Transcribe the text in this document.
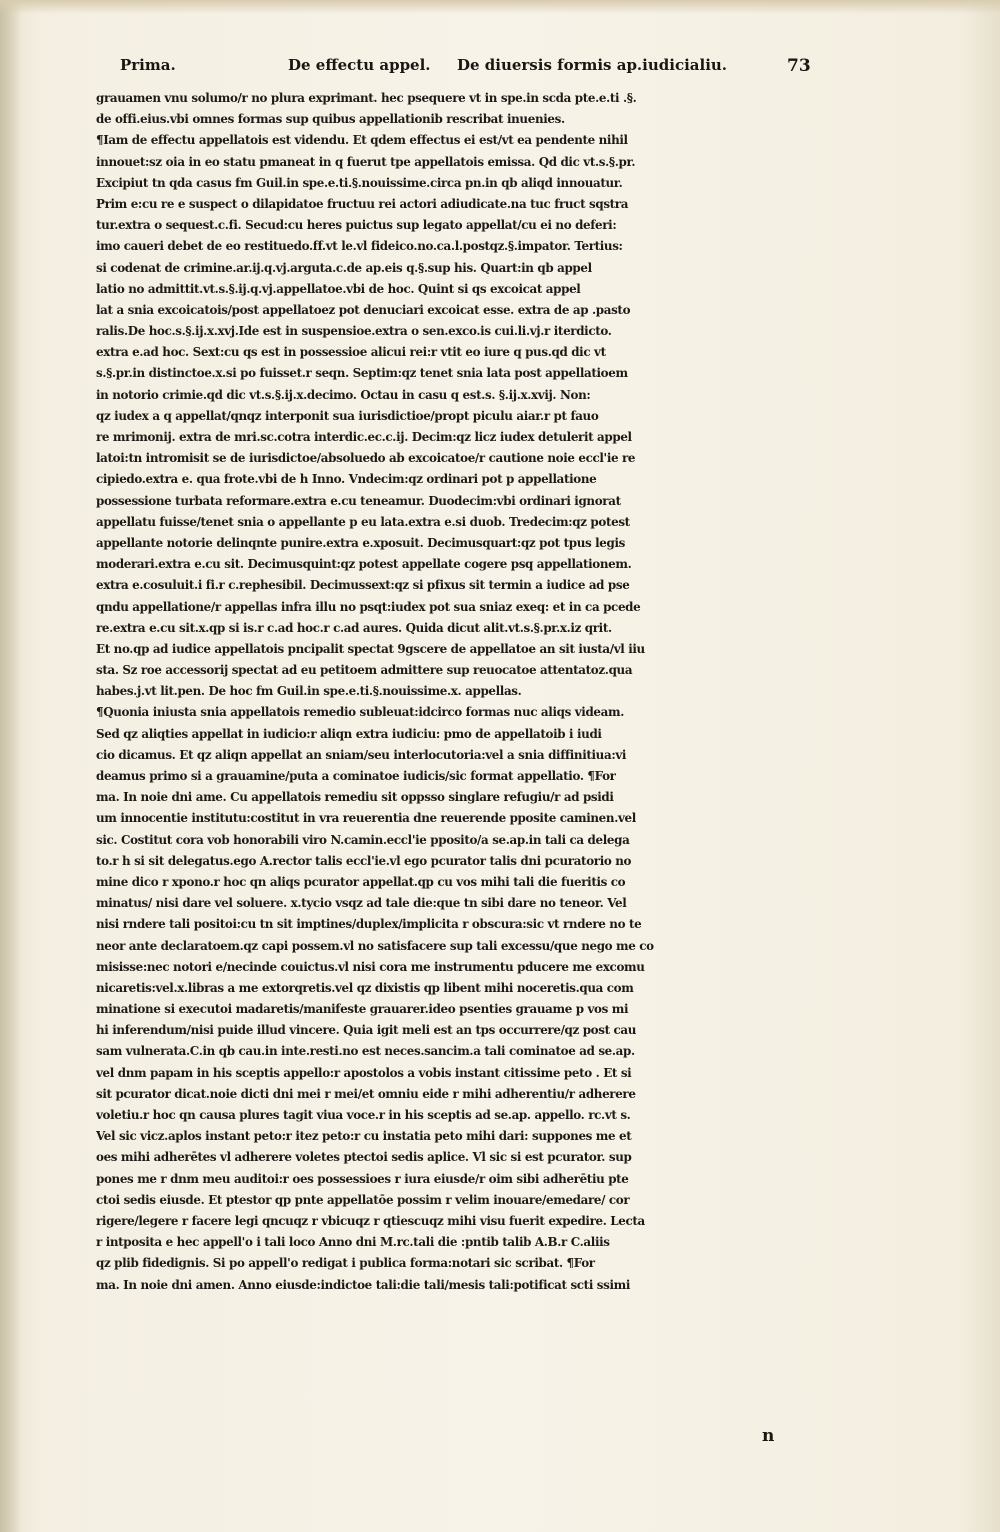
Prima.	De effectu appel. De diuersis formis ap.iudicialiu.	73
grauamen vnu solumo/r no plura exprimant. hec psequere vt in spe.in scda pte.e.ti .§.
de offi.eius.vbi omnes formas sup quibus appellationib rescribat inuenies.
¶Iam de effectu appellatois est videndu. Et qdem effectus ei est/vt ea pendente nihil
innouet:sz oia in eo statu pmaneat in q fuerut tpe appellatois emissa. Qd dic vt.s.§.pr.
Excipiut tn qda casus fm Guil.in spe.e.ti.§.nouissime.circa pn.in qb aliqd innouatur.
Prim e:cu re e suspect o dilapidatoe fructuu rei actori adiudicate.na tuc fruct sqstra
tur.extra o sequest.c.fi. Secud:cu heres puictus sup legato appellat/cu ei no deferi:
imo caueri debet de eo restituedo.ff.vt le.vl fideico.no.ca.l.postqz.§.impator. Tertius:
si codenat de crimine.ar.ij.q.vj.arguta.c.de ap.eis q.§.sup his. Quart:in qb appel
latio no admittit.vt.s.§.ij.q.vj.appellatoe.vbi de hoc. Quint si qs excoicat appel
lat a snia excoicatois/post appellatoez pot denuciari excoicat esse. extra de ap .pasto
ralis.De hoc.s.§.ij.x.xvj.Ide est in suspensioe.extra o sen.exco.is cui.li.vj.r iterdicto.
extra e.ad hoc. Sext:cu qs est in possessioe alicui rei:r vtit eo iure q pus.qd dic vt
s.§.pr.in distinctoe.x.si po fuisset.r seqn. Septim:qz tenet snia lata post appellatioem
in notorio crimie.qd dic vt.s.§.ij.x.decimo. Octau in casu q est.s. §.ij.x.xvij. Non:
qz iudex a q appellat/qnqz interponit sua iurisdictioe/propt piculu aiar.r pt fauo
re mrimonij. extra de mri.sc.cotra interdic.ec.c.ij. Decim:qz licz iudex detulerit appel
latoi:tn intromisit se de iurisdictoe/absoluedo ab excoicatoe/r cautione noie eccl'ie re
cipiedo.extra e. qua frote.vbi de h Inno. Vndecim:qz ordinari pot p appellatione
possessione turbata reformare.extra e.cu teneamur. Duodecim:vbi ordinari ignorat
appellatu fuisse/tenet snia o appellante p eu lata.extra e.si duob. Tredecim:qz potest
appellante notorie delinqnte punire.extra e.xposuit. Decimusquart:qz pot tpus legis
moderari.extra e.cu sit. Decimusquint:qz potest appellate cogere psq appellationem.
extra e.cosuluit.i fi.r c.rephesibil. Decimussext:qz si pfixus sit termin a iudice ad pse
qndu appellatione/r appellas infra illu no psqt:iudex pot sua sniaz exeq: et in ca pcede
re.extra e.cu sit.x.qp si is.r c.ad hoc.r c.ad aures. Quida dicut alit.vt.s.§.pr.x.iz qrit.
Et no.qp ad iudice appellatois pncipalit spectat 9gscere de appellatoe an sit iusta/vl iiu
sta. Sz roe accessorij spectat ad eu petitoem admittere sup reuocatoe attentatoz.qua
habes.j.vt lit.pen. De hoc fm Guil.in spe.e.ti.§.nouissime.x. appellas.
¶Quonia iniusta snia appellatois remedio subleuat:idcirco formas nuc aliqs videam.
Sed qz aliqties appellat in iudicio:r aliqn extra iudiciu: pmo de appellatoib i iudi
cio dicamus. Et qz aliqn appellat an sniam/seu interlocutoria:vel a snia diffinitiua:vi
deamus primo si a grauamine/puta a cominatoe iudicis/sic format appellatio. ¶For
ma. In noie dni ame. Cu appellatois remediu sit oppsso singlare refugiu/r ad psidi
um innocentie institutu:costitut in vra reuerentia dne reuerende pposite caminen.vel
sic. Costitut cora vob honorabili viro N.camin.eccl'ie pposito/a se.ap.in tali ca delega
to.r h si sit delegatus.ego A.rector talis eccl'ie.vl ego pcurator talis dni pcuratorio no
mine dico r xpono.r hoc qn aliqs pcurator appellat.qp cu vos mihi tali die fueritis co
minatus/ nisi dare vel soluere. x.tycio vsqz ad tale die:que tn sibi dare no teneor. Vel
nisi rndere tali positoi:cu tn sit imptines/duplex/implicita r obscura:sic vt rndere no te
neor ante declaratoem.qz capi possem.vl no satisfacere sup tali excessu/que nego me co
misisse:nec notori e/necinde couictus.vl nisi cora me instrumentu pducere me excomu
nicaretis:vel.x.libras a me extorqretis.vel qz dixistis qp libent mihi noceretis.qua com
minatione si executoi madaretis/manifeste grauarer.ideo psenties grauame p vos mi
hi inferendum/nisi puide illud vincere. Quia igit meli est an tps occurrere/qz post cau
sam vulnerata.C.in qb cau.in inte.resti.no est neces.sancim.a tali cominatoe ad se.ap.
vel dnm papam in his sceptis appello:r apostolos a vobis instant citissime peto . Et si
sit pcurator dicat.noie dicti dni mei r mei/et omniu eide r mihi adherentiu/r adherere
voletiu.r hoc qn causa plures tagit viua voce.r in his sceptis ad se.ap. appello. rc.vt s.
Vel sic vicz.aplos instant peto:r itez peto:r cu instatia peto mihi dari: suppones me et
oes mihi adherētes vl adherere voletes ptectoi sedis aplice. Vl sic si est pcurator. sup
pones me r dnm meu auditoi:r oes possessioes r iura eiusde/r oim sibi adherētiu pte
ctoi sedis eiusde. Et ptestor qp pnte appellatōe possim r velim inouare/emedare/ cor
rigere/legere r facere legi qncuqz r vbicuqz r qtiescuqz mihi visu fuerit expedire. Lecta
r intposita e hec appell'o i tali loco Anno dni M.rc.tali die :pntib talib A.B.r C.aliis
qz plib fidedignis. Si po appell'o redigat i publica forma:notari sic scribat. ¶For
ma. In noie dni amen. Anno eiusde:indictoe tali:die tali/mesis tali:potificat scti ssimi
n
